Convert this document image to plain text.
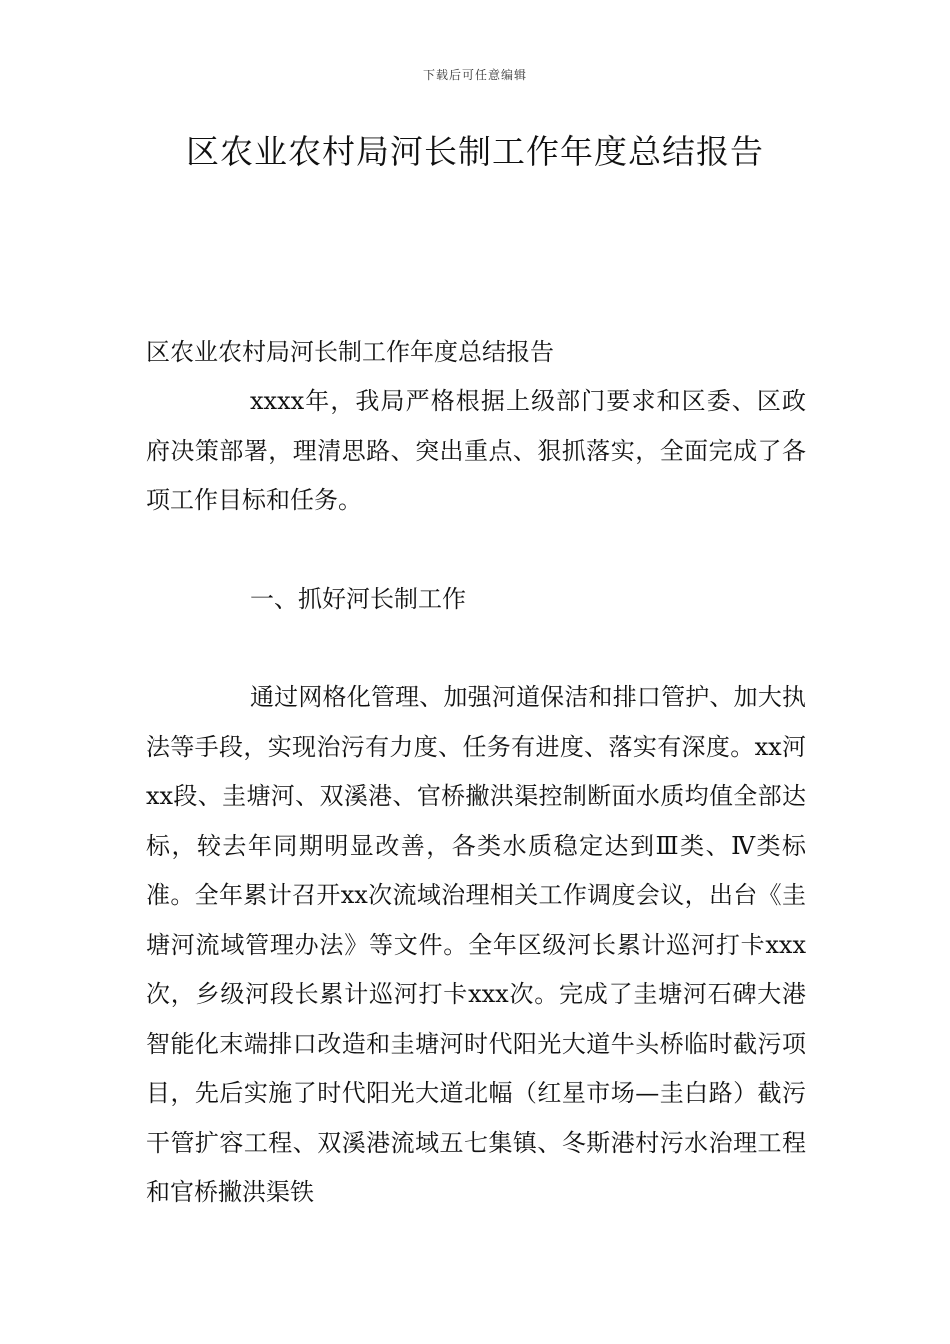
下载后可任意编辑
区农业农村局河长制工作年度总结报告

区农业农村局河长制工作年度总结报告

xxxx年，我局严格根据上级部门要求和区委、区政府决策部署，理清思路、突出重点、狠抓落实，全面完成了各项工作目标和任务。

一、抓好河长制工作

通过网格化管理、加强河道保洁和排口管护、加大执法等手段，实现治污有力度、任务有进度、落实有深度。xx河xx段、圭塘河、双溪港、官桥撇洪渠控制断面水质均值全部达标，较去年同期明显改善，各类水质稳定达到Ⅲ类、Ⅳ类标准。全年累计召开xx次流域治理相关工作调度会议，出台《圭塘河流域管理办法》等文件。全年区级河长累计巡河打卡xxx次，乡级河段长累计巡河打卡xxx次。完成了圭塘河石碑大港智能化末端排口改造和圭塘河时代阳光大道牛头桥临时截污项目，先后实施了时代阳光大道北幅（红星市场—圭白路）截污干管扩容工程、双溪港流域五七集镇、冬斯港村污水治理工程和官桥撇洪渠铁
